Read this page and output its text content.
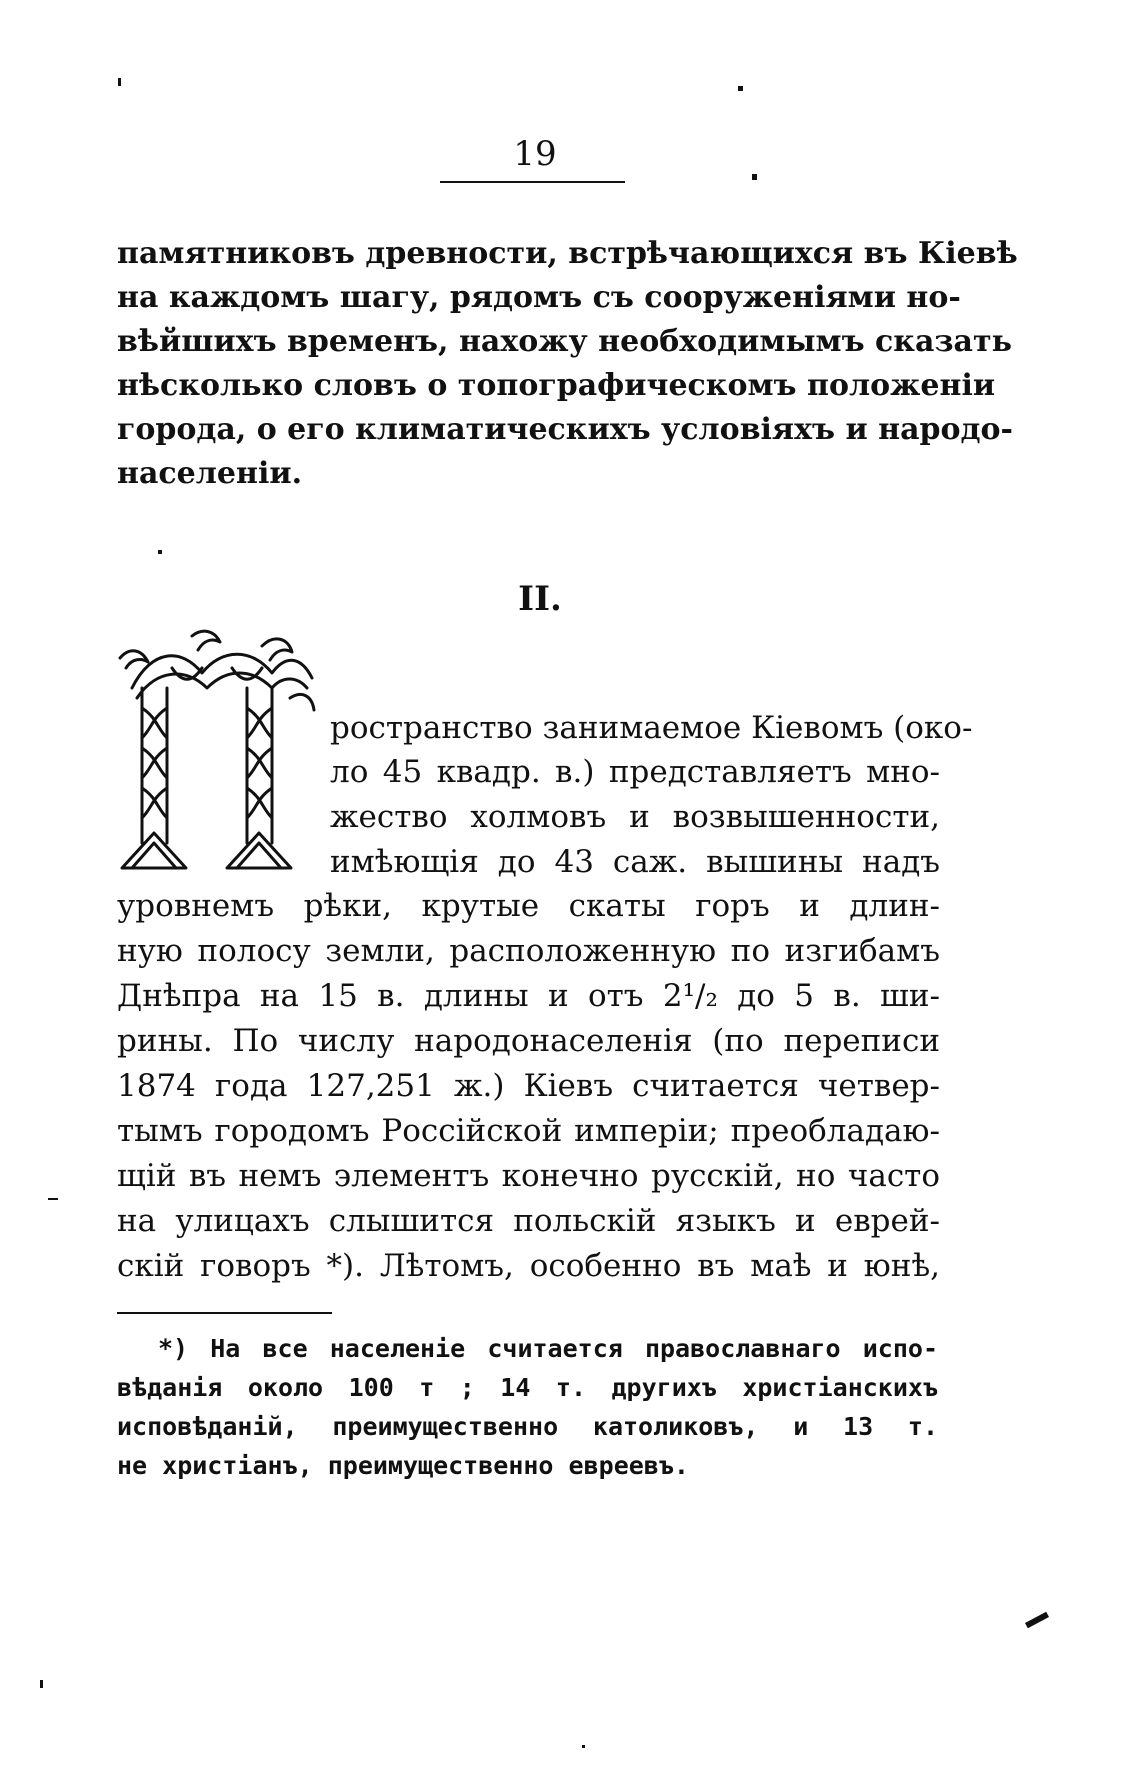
19
памятниковъ древности, встрѣчающихся въ Кіевѣ
на каждомъ шагу, рядомъ съ сооруженіями но-
вѣйшихъ временъ, нахожу необходимымъ сказать
нѣсколько словъ о топографическомъ положеніи
города, о его климатическихъ условіяхъ и народо-
населеніи.
II.
ространство занимаемое Кіевомъ (око-
ло 45 квадр. в.) представляетъ мно-
жество холмовъ и возвышенности,
имѣющія до 43 саж. вышины надъ
уровнемъ рѣки, крутые скаты горъ и длин-
ную полосу земли, расположенную по изгибамъ
Днѣпра на 15 в. длины и отъ 2¹/₂ до 5 в. ши-
рины. По числу народонаселенія (по переписи
1874 года 127,251 ж.) Кіевъ считается четвер-
тымъ городомъ Россійской имперіи; преобладаю-
щій въ немъ элементъ конечно русскій, но часто
на улицахъ слышится польскій языкъ и еврей-
скій говоръ *). Лѣтомъ, особенно въ маѣ и юнѣ,
*) На все населеніе считается православнаго испо-
вѣданія около 100 т ; 14 т. другихъ христіанскихъ
исповѣданій, преимущественно католиковъ, и 13 т.
не христіанъ, преимущественно евреевъ.
